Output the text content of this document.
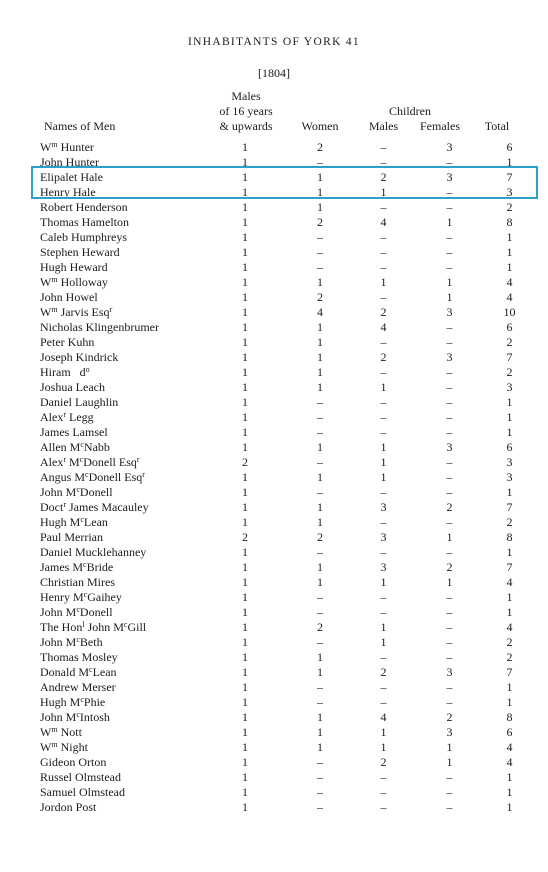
INHABITANTS OF YORK 41
[1804]
Males
of 16 years
& upwards
Names of Men	Women
Children
Males	Females	Total
$W^m$ Hunter	1	2	–	3	6
John Hunter	1	–	–	–	1
Elipalet Hale	1	1	2	3	7
Henry Hale	1	1	1	–	3
Robert Henderson	1	1	–	–	2
Thomas Hamelton	1	2	4	1	8
Caleb Humphreys	1	–	–	–	1
Stephen Heward	1	–	–	–	1
Hugh Heward	1	–	–	–	1
$W^m$ Holloway	1	1	1	1	4
John Howel	1	2	–	1	4
$W^m$ Jarvis Esq$^r$	1	4	2	3	10
Nicholas Klingenbrumer	1	1	4	–	6
Peter Kuhn	1	1	–	–	2
Joseph Kindrick	1	1	2	3	7
Hiram   $d^o$	1	1	–	–	2
Joshua Leach	1	1	1	–	3
Daniel Laughlin	1	–	–	–	1
Alex$^r$ Legg	1	–	–	–	1
James Lamsel	1	–	–	–	1
Allen $M^cNabb$	1	1	1	3	6
Alex$^r$ $M^cDonell$ Esq$^r$	2	–	1	–	3
Angus $M^cDonell$ Esq$^r$	1	1	1	–	3
John $M^cDonell$	1	–	–	–	1
Doct$^r$ James Macauley	1	1	3	2	7
Hugh $M^cLean$	1	1	–	–	2
Paul Merrian	2	2	3	1	8
Daniel Mucklehanney	1	–	–	–	1
James $M^cBride$	1	1	3	2	7
Christian Mires	1	1	1	1	4
Henry $M^cGaihey$	1	–	–	–	1
John $M^cDonell$	1	–	–	–	1
The Hon$^l$ John $M^cGill$	1	2	1	–	4
John $M^cBeth$	1	–	1	–	2
Thomas Mosley	1	1	–	–	2
Donald $M^cLean$	1	1	2	3	7
Andrew Merser	1	–	–	–	1
Hugh $M^cPhie$	1	–	–	–	1
John $M^cIntosh$	1	1	4	2	8
$W^m$ Nott	1	1	1	3	6
$W^m$ Night	1	1	1	1	4
Gideon Orton	1	–	2	1	4
Russel Olmstead	1	–	–	–	1
Samuel Olmstead	1	–	–	–	1
Jordon Post	1	–	–	–	1
